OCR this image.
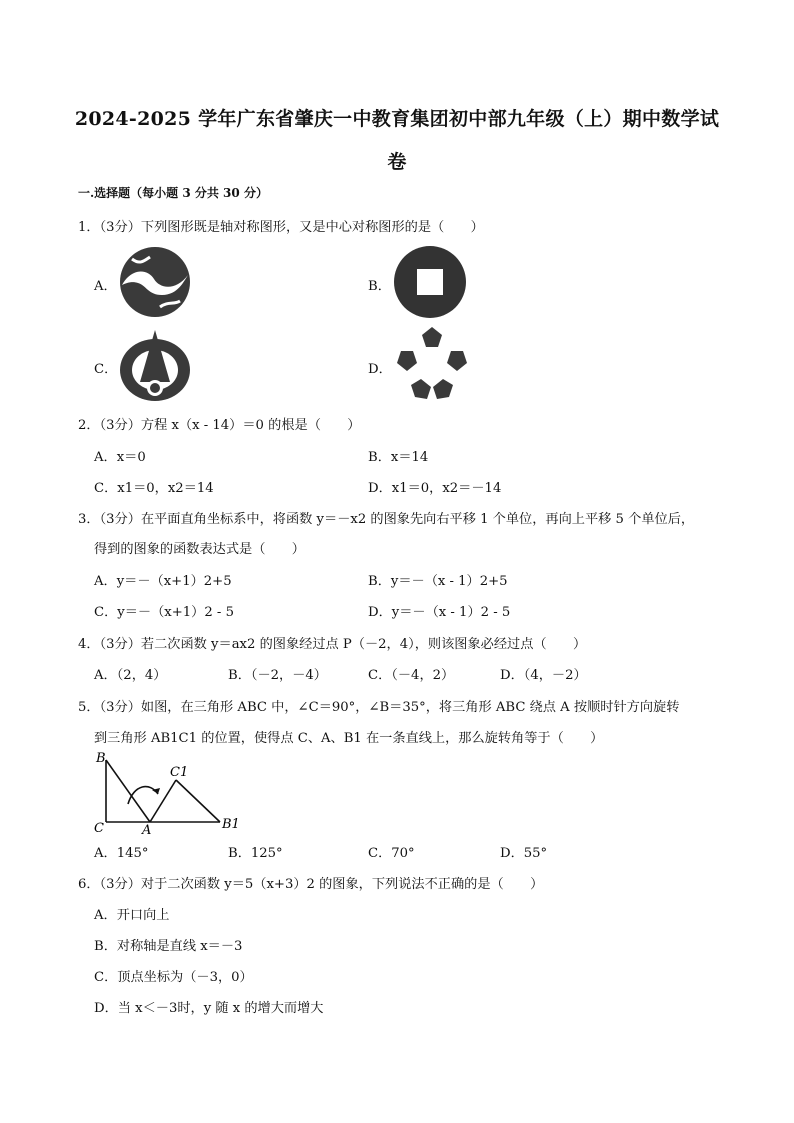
2024-2025 学年广东省肇庆一中教育集团初中部九年级（上）期中数学试
卷
一.选择题（每小题 3 分共 30 分）
1．（3分）下列图形既是轴对称图形，又是中心对称图形的是（　　）
A．	B．
C．	D．
2．（3分）方程 x（x - 14）＝0 的根是（　　）
A．x＝0	B．x＝14
C．x1＝0，x2＝14	D．x1＝0，x2＝－14
3．（3分）在平面直角坐标系中，将函数 y＝－x2 的图象先向右平移 1 个单位，再向上平移 5 个单位后，
得到的图象的函数表达式是（　　）
A．y＝－（x+1）2+5	B．y＝－（x - 1）2+5
C．y＝－（x+1）2 - 5	D．y＝－（x - 1）2 - 5
4．（3分）若二次函数 y＝ax2 的图象经过点 P（－2，4），则该图象必经过点（　　）
A．（2，4）	B．（－2，－4）	C．（－4，2）	D．（4，－2）
5．（3分）如图，在三角形 ABC 中，∠C＝90°，∠B＝35°，将三角形 ABC 绕点 A 按顺时针方向旋转
到三角形 AB1C1 的位置，使得点 C、A、B1 在一条直线上，那么旋转角等于（　　）
B
C1
C	A	B1
A．145°	B．125°	C．70°	D．55°
6．（3分）对于二次函数 y＝5（x+3）2 的图象，下列说法不正确的是（　　）
A．开口向上
B．对称轴是直线 x＝－3
C．顶点坐标为（－3，0）
D．当 x＜－3时，y 随 x 的增大而增大
